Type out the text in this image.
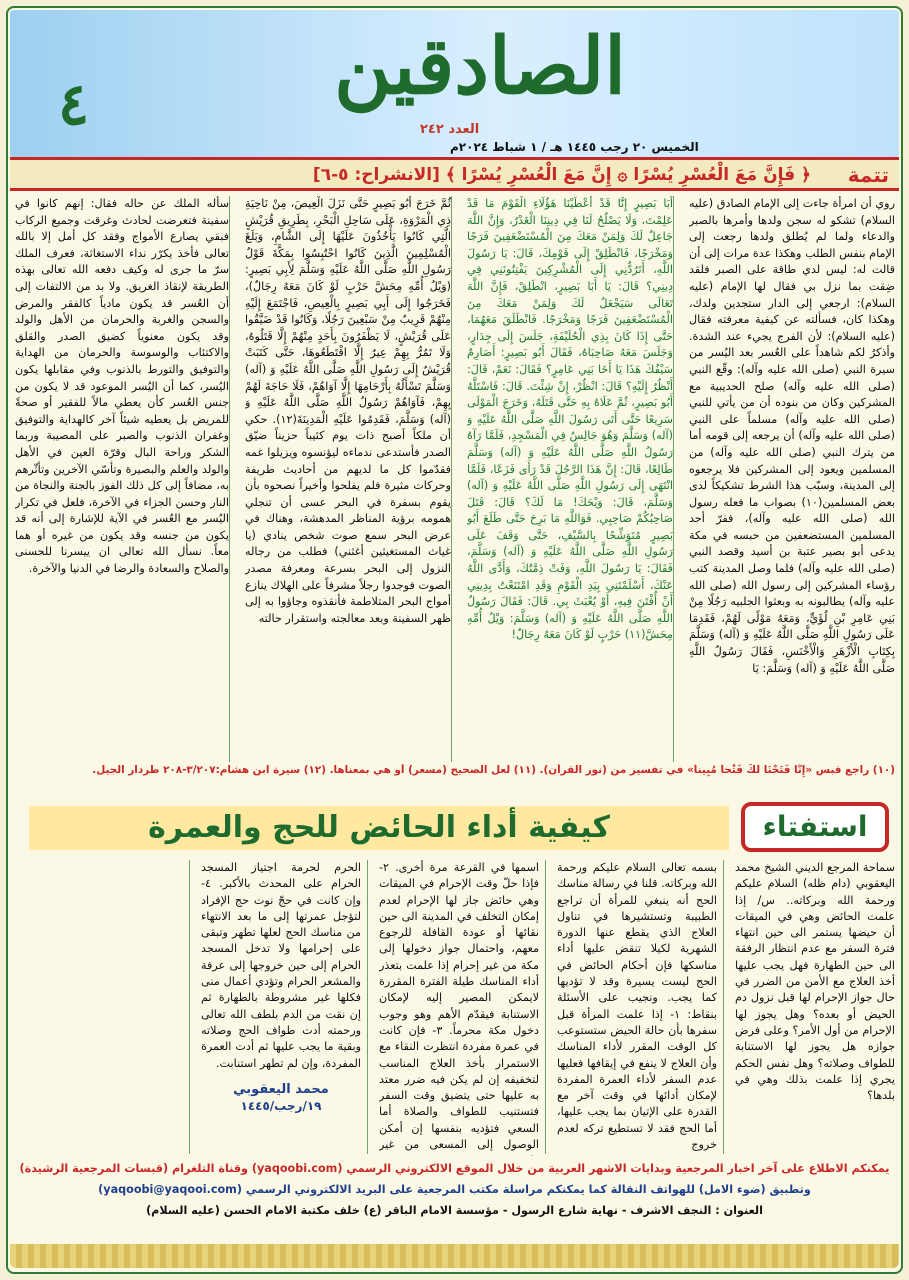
٤	الصادقين
العدد ٢٤٢
الخميس ٢٠ رجب ١٤٤٥ هـ / ١ شباط ٢٠٢٤م
تتمة
﴿ فَإِنَّ مَعَ الْعُسْرِ يُسْرًا ۞ إِنَّ مَعَ الْعُسْرِ يُسْرًا ﴾ [الانشراح: ٥-٦]
روي أن امرأة جاءت إلى الإمام الصادق (عليه السلام) تشكو له سجن ولدها وأمرها بالصبر والدعاء ولما لم يُطلق ولدها رجعت إلى الإمام بنفس الطلب وهكذا عدة مرات إلى أن قالت له: ليس لدي طاقة على الصبر فلقد ضِقت بما نزل بي فقال لها الإمام (عليه السلام): ارجعي إلى الدار ستجدين ولدك، وهكذا كان، فسألته عن كيفية معرفته فقال (عليه السلام): لأن الفرج يجيء عند الشدة. وأذكرُ لكم شاهداً على العُسر بعد اليُسر من سيرة النبي (صلى الله عليه وآله): وقّع النبي (صلى الله عليه وآله) صلح الحديبية مع المشركين وكان من بنوده أن من يأتي للنبي (صلى الله عليه وآله) مسلماً على النبي (صلى الله عليه وآله) أن يرجعه إلى قومه أما من يترك النبي (صلى الله عليه وآله) من المسلمين ويعود إلى المشركين فلا يرجعوه إلى المدينة، وسبّب هذا الشرط تشكيكاً لدى بعض المسلمين(١٠) بصواب ما فعله رسول الله (صلى الله عليه وآله)، ففرّ أحد المسلمين المستضعفين من حبسه في مكة يدعى أبو بصير عتبة بن أسيد وقصد النبي (صلى الله عليه وآله) فلما وصل المدينة كتب رؤساء المشركين إلى رسول الله (صلى الله عليه وآله) يطالبونه به وبعثوا الجلبيه رَجُلًا مِنْ بَنِي عَامِرِ بْنِ لُؤَيٍّ، وَمَعَهُ مَوْلًى لَهُمْ، فَقَدِمَا عَلَى رَسُولِ اللَّهِ صَلَّى اللَّهُ عَلَيْهِ وَ (آله) وَسَلَّمَ بِكِتَابِ الْأَزْهَرِ وَالْأَخْنَسِ، فَقَالَ رَسُولُ اللَّهِ صَلَّى اللَّهُ عَلَيْهِ وَ (آله) وَسَلَّمَ: يَا
أَبَا بَصِيرٍ إِنَّا قَدْ أَعْطَيْنَا هَؤُلَاءِ الْقَوْمَ مَا قَدْ عَلِمْتَ، وَلَا يَصْلُحُ لَنَا فِي دِينِنَا الْغَدْرُ، وَإِنَّ اللَّهَ جَاعِلٌ لَكَ وَلِمَنْ مَعَكَ مِنَ الْمُسْتَضْعَفِينَ فَرَجًا وَمَخْرَجًا، فَانْطَلِقْ إِلَى قَوْمِكَ، قَالَ: يَا رَسُولَ اللَّهِ، أَتَرُدُّنِي إِلَى الْمُشْرِكِينَ يَفْتِنُونَنِي فِي دِينِي؟ قَالَ: يَا أَبَا بَصِيرٍ، انْطَلِقْ، فَإِنَّ اللَّهَ تَعَالَى سَيَجْعَلُ لَكَ وَلِمَنْ مَعَكَ مِنَ الْمُسْتَضْعَفِينَ فَرَجًا وَمَخْرَجًا. فَانْطَلَقَ مَعَهُمَا، حَتَّى إِذَا كَانَ بِذِي الْحُلَيْفَةِ، جَلَسَ إِلَى جِدَارٍ، وَجَلَسَ مَعَهُ صَاحِبَاهُ، فَقَالَ أَبُو بَصِيرٍ: أَصَارِمٌ سَيْفُكَ هَذَا يَا أَخَا بَنِي عَامِرٍ؟ فَقَالَ: نَعَمْ، قَالَ: أَنْظُرُ إِلَيْهِ؟ قَالَ: انْظُرْ، إِنْ شِئْتَ. قَالَ: فَاسْتَلَّهُ أَبُو بَصِيرٍ، ثُمَّ عَلَاهُ بِهِ حَتَّى قَتَلَهُ، وَخَرَجَ الْمَوْلَى سَرِيعًا حَتَّى أَتَى رَسُولَ اللَّهِ صَلَّى اللَّهُ عَلَيْهِ وَ (آله) وَسَلَّمَ وَهُوَ جَالِسٌ فِي الْمَسْجِدِ، فَلَمَّا رَآهُ رَسُولُ اللَّهِ صَلَّى اللَّهُ عَلَيْهِ وَ (آله) وَسَلَّمَ طَالِعًا، قَالَ: إِنَّ هَذَا الرَّجُلَ قَدْ رَأَى فَزَعًا، فَلَمَّا انْتَهَى إِلَى رَسُولِ اللَّهِ صَلَّى اللَّهُ عَلَيْهِ وَ (آله) وَسَلَّمَ، قَالَ: وَيْحَكَ! مَا لَكَ؟ قَالَ: قَتَلَ صَاحِبُكُمْ صَاحِبِي. فَوَاللَّهِ مَا بَرِحَ حَتَّى طَلَعَ أَبُو بَصِيرٍ مُتَوَشِّحًا بِالسَّيْفِ، حَتَّى وَقَفَ عَلَى رَسُولِ اللَّهِ صَلَّى اللَّهُ عَلَيْهِ وَ (آله) وَسَلَّمَ، فَقَالَ: يَا رَسُولَ اللَّهِ، وَفَتْ ذِمَّتُكَ، وَأَدَّى اللَّهُ عَنْكَ، أَسْلَمْتَنِي بِيَدِ الْقَوْمِ وَقَدِ امْتَنَعْتُ بِدِينِي أَنْ أُفْتَنَ فِيهِ، أَوْ يُعْبَثَ بِي. قَالَ: فَقَالَ رَسُولُ اللَّهِ صَلَّى اللَّهُ عَلَيْهِ وَ (آله) وَسَلَّمَ: وَيْلُ أُمِّهِ مِحَشَّ(١١) حَرْبٍ لَوْ كَانَ مَعَهُ رِجَالٌ!
ثُمَّ خَرَجَ أَبُو بَصِيرٍ حَتَّى نَزَلَ الْعِيصَ، مِنْ نَاحِيَةِ ذِي الْمَرْوَةِ، عَلَى سَاحِلِ الْبَحْرِ، بِطَرِيقِ قُرَيْشٍ الَّتِي كَانُوا يَأْخُذُونَ عَلَيْهَا إِلَى الشَّامِ، وَبَلَغَ الْمُسْلِمِينَ الَّذِينَ كَانُوا احْتُبِسُوا بِمَكَّةَ قَوْلُ رَسُولِ اللَّهِ صَلَّى اللَّهُ عَلَيْهِ وَسَلَّمَ لِأَبِي بَصِيرٍ: (وَيْلُ أُمِّهِ مِحَشَّ حَرْبٍ لَوْ كَانَ مَعَهُ رِجَالٌ)، فَخَرَجُوا إِلَى أَبِي بَصِيرٍ بِالْعِيصِ، فَاجْتَمَعَ إِلَيْهِ مِنْهُمْ قَرِيبٌ مِنْ سَبْعِينَ رَجُلًا، وَكَانُوا قَدْ ضَيَّقُوا عَلَى قُرَيْشٍ، لَا يَظْفَرُونَ بِأَحَدٍ مِنْهُمْ إِلَّا قَتَلُوهُ، وَلَا تَمُرُّ بِهِمْ عِيرٌ إِلَّا اقْتَطَعُوهَا، حَتَّى كَتَبَتْ قُرَيْشٌ إِلَى رَسُولِ اللَّهِ صَلَّى اللَّهُ عَلَيْهِ وَ (آله) وَسَلَّمَ تَسْأَلُهُ بِأَرْحَامِهَا إِلَّا آوَاهُمْ، فَلَا حَاجَةَ لَهُمْ بِهِمْ، فَآوَاهُمْ رَسُولُ اللَّهِ صَلَّى اللَّهُ عَلَيْهِ وَ (آله) وَسَلَّمَ، فَقَدِمُوا عَلَيْهِ الْمَدِينَةَ(١٢). حكي أن ملكاً أصبح ذات يوم كئيباً حزيناً ضيّق الصدر فأستدعى ندماءه ليؤنسوه ويزيلوا غمه فقدّموا كل ما لديهم من أحاديث طريفة وحركات مثيرة فلم يفلحوا وأخيراً نصحوه بأن يقوم بسفرة في البحر عسى أن تنجلي همومه برؤية المناظر المدهشة، وهناك في عرض البحر سمع صوت شخص ينادي (يا غياث المستغيثين أغثني) فطلب من رجاله النزول إلى البحر بسرعة ومعرفة مصدر الصوت فوجدوا رجلاً مشرفاً على الهلاك ينازع أمواج البحر المتلاطمة فأنقذوه وجاؤوا به إلى ظهر السفينة وبعد معالجته واستقرار حالته
سأله الملك عن حاله فقال: إنهم كانوا في سفينة فتعرضت لحادث وغرقت وجميع الركاب فبقي يصارع الأمواج وفقد كل أمل إلا بالله تعالى فأخذ يكرّر نداء الاستغاثة، فعرف الملك سرّ ما جرى له وكيف دفعه الله تعالى بهذه الطريقة لإنقاذ الغريق. ولا بد من الالتفات إلى أن العُسر قد يكون مادياً كالفقر والمرض والسجن والغربة والحرمان من الأهل والولد وقد يكون معنوياً كضيق الصدر والقلق والاكتئاب والوسوسة والحرمان من الهداية والتوفيق والتورط بالذنوب وفي مقابلها يكون اليُسر، كما أن اليُسر الموعود قد لا يكون من جنس العُسر كأن يعطي مالاً للفقير أو صحةً للمريض بل يعطيه شيئاً آخر كالهداية والتوفيق وغفران الذنوب والصبر على المصيبة وربما الشكر وراحة البال وقرّة العين في الأهل والولد والعلم والبصيرة وتأسّي الآخرين وتأثّرهم به، مضافاً إلى كل ذلك الفوز بالجنة والنجاة من النار وحسن الجزاء في الآخرة، فلعل في تكرار اليُسر مع العُسر في الآية للإشارة إلى أنه قد يكون من جنسه وقد يكون من غيره أو هما معاً. نسأل الله تعالى ان ييسرنا للحسنى والصلاح والسعادة والرضا في الدنيا والآخرة.
(١٠) راجع قبس «إِنَّا فَتَحْنَا لَكَ فَتْحاً مُبِيناً» في تفسير من (نور القرآن). (١١) لعل الصحيح (مسعر) أو هي بمعناها. (١٢) سيرة ابن هشام:٣/٢٠٧-٢٠٨ طردار الجيل.
استفتاء
كيفية أداء الحائض للحج والعمرة
سماحة المرجع الديني الشيخ محمد اليعقوبي (دام ظله) السلام عليكم ورحمة الله وبركاته.. س/ إذا علمت الحائض وهي في الميقات أن حيضها يستمر الى حين انتهاء فترة السفر مع عدم انتظار الرفقة الى حين الطهارة فهل يجب عليها أخذ العلاج مع الأمن من الضرر في حال جواز الإحرام لها قبل نزول دم الحيض أو بعده؟ وهل يجوز لها الإحرام من أول الأمر؟ وعلى فرض جوازه هل يجوز لها الاستنابة للطواف وصلاته؟ وهل نفس الحكم يجري إذا علمت بذلك وهي في بلدها؟
بسمه تعالى السلام عليكم ورحمة الله وبركاته. قلنا في رسالة مناسك الحج أنه ينبغي للمرأة أن تراجع الطبيبة وتستشيرها في تناول العلاج الذي يقطع عنها الدورة الشهرية لكيلا تنقض عليها أداء مناسكها فإن أحكام الحائض في الحج ليست يسيرة وقد لا تؤديها كما يجب. ونجيب على الأسئلة بنقاط: ١- إذا علمت المرأة قبل سفرها بأن حالة الحيض ستستوعب كل الوقت المقرر لأداء المناسك وأن العلاج لا ينفع في إيقافها فعليها عدم السفر لأداء العمرة المفردة لإمكان أدائها في وقت آخر مع القدرة على الإتيان بما يجب عليها، أما الحج فقد لا تستطيع تركه لعدم خروج
اسمها في القرعة مرة أخرى. ٢- فإذا حلّ وقت الإحرام في الميقات وهي حائض جاز لها الإحرام لعدم إمكان التخلف في المدينة الى حين نقائها أو عودة القافلة للرجوع معهم، واحتمال جواز دخولها إلى مكة من غير إحرام إذا علمت بتعذر أداء المناسك طيلة الفترة المقررة لايمكن المصير إليه لإمكان الاستنابة فيقدّم الأهم وهو وجوب دخول مكة محرماً. ٣- فإن كانت في عمرة مفردة انتظرت النقاء مع الاستمرار بأخذ العلاج المناسب لتخفيفه إن لم يكن فيه ضرر معتد به عليها حتى يتضيق وقت السفر فتستنيب للطواف والصلاة أما السعي فتؤديه بنفسها إن أمكن الوصول إلى المسعى من غير
الحرم لحرمة اجتياز المسجد الحرام على المحدث بالأكبر. ٤- وإن كانت في حجّ نوت حج الإفراد لتؤجل عمرتها إلى ما بعد الانتهاء من مناسك الحج لعلها تطهر وتبقى على إحرامها ولا تدخل المسجد الحرام إلى حين خروجها إلى عرفة والمشعر الحرام وتؤدي أعمال منى فكلها غير مشروطة بالطهارة ثم إن نقت من الدم بلطف الله تعالى ورحمته أدت طواف الحج وصلاته وبقية ما يجب عليها ثم أدت العمرة المفردة، وإن لم تطهر استنابت.
محمد اليعقوبي
١٩/رجب/١٤٤٥
يمكنكم الاطلاع على آخر اخبار المرجعية وبدايات الاشهر العربية من خلال الموقع الالكتروني الرسمي (yaqoobi.com) وقناة التلغرام (قبسات المرجعية الرشيدة)
وتطبيق (ضوء الامل) للهواتف النقالة كما يمكنكم مراسلة مكتب المرجعية على البريد الالكتروني الرسمي (yaqoobi@yaqooi.com)
العنوان : النجف الاشرف - نهاية شارع الرسول - مؤسسة الامام الباقر (ع) خلف مكتبة الامام الحسن (عليه السلام)
